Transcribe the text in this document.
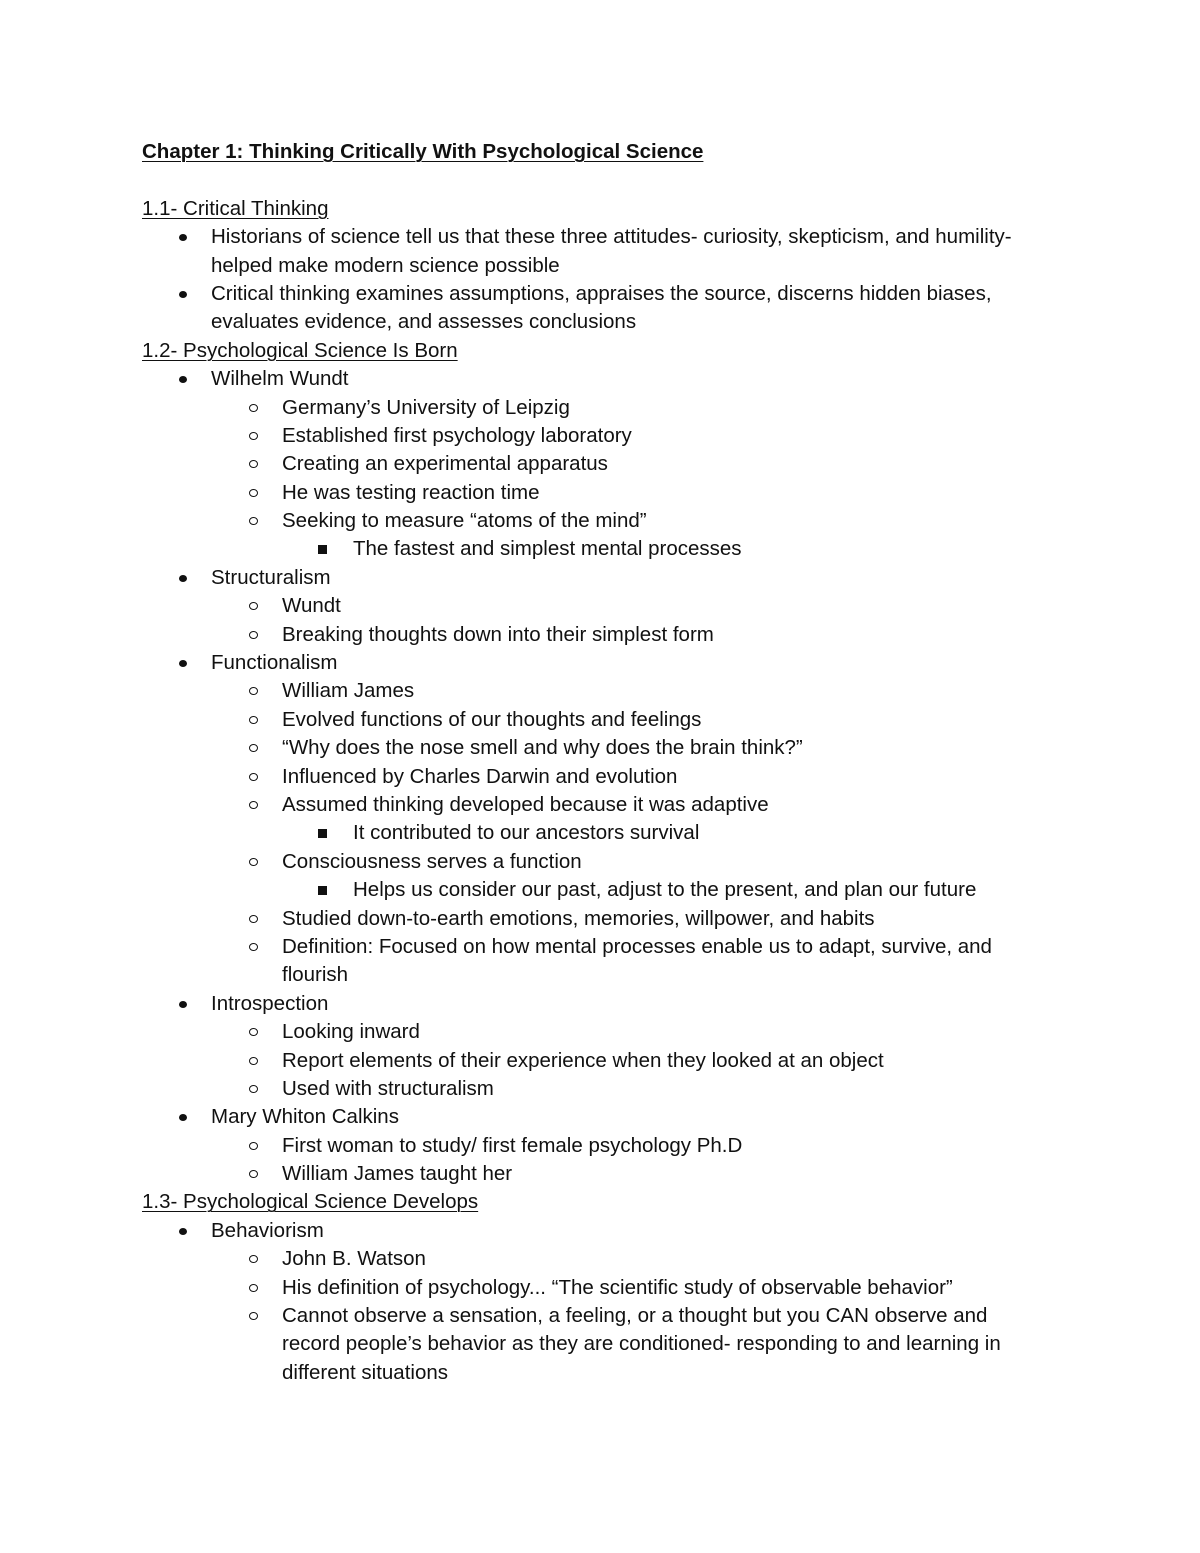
Chapter 1: Thinking Critically With Psychological Science
1.1- Critical Thinking
Historians of science tell us that these three attitudes- curiosity, skepticism, and humility-
helped make modern science possible
Critical thinking examines assumptions, appraises the source, discerns hidden biases,
evaluates evidence, and assesses conclusions
1.2- Psychological Science Is Born
Wilhelm Wundt
Germany’s University of Leipzig
Established first psychology laboratory
Creating an experimental apparatus
He was testing reaction time
Seeking to measure “atoms of the mind”
The fastest and simplest mental processes
Structuralism
Wundt
Breaking thoughts down into their simplest form
Functionalism
William James
Evolved functions of our thoughts and feelings
“Why does the nose smell and why does the brain think?”
Influenced by Charles Darwin and evolution
Assumed thinking developed because it was adaptive
It contributed to our ancestors survival
Consciousness serves a function
Helps us consider our past, adjust to the present, and plan our future
Studied down-to-earth emotions, memories, willpower, and habits
Definition: Focused on how mental processes enable us to adapt, survive, and
flourish
Introspection
Looking inward
Report elements of their experience when they looked at an object
Used with structuralism
Mary Whiton Calkins
First woman to study/ first female psychology Ph.D
William James taught her
1.3- Psychological Science Develops
Behaviorism
John B. Watson
His definition of psychology... “The scientific study of observable behavior”
Cannot observe a sensation, a feeling, or a thought but you CAN observe and
record people’s behavior as they are conditioned- responding to and learning in
different situations
